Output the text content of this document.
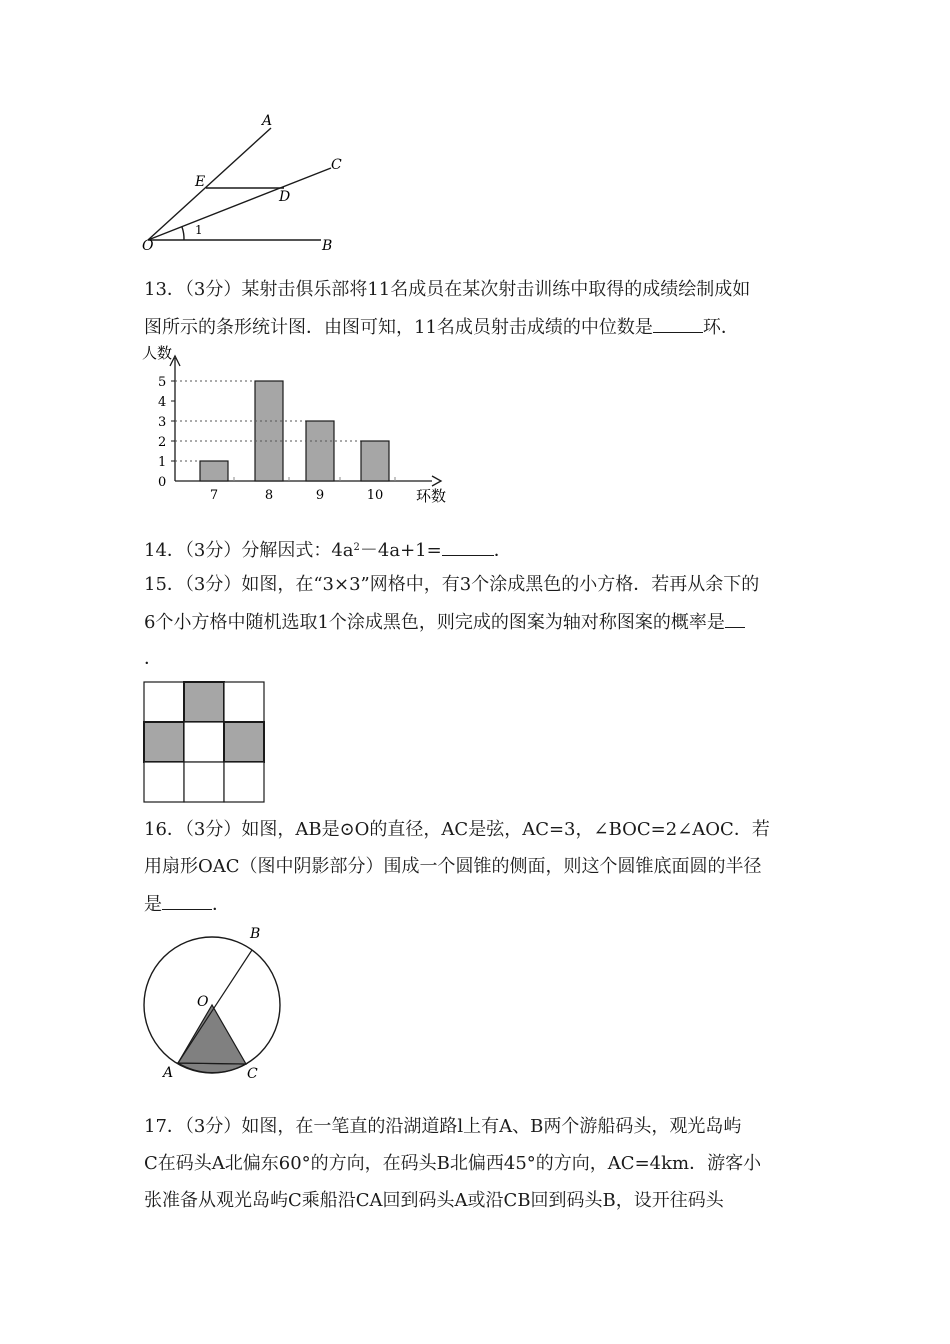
A
C
E
D
O	B
1
13．（3分）某射击俱乐部将11名成员在某次射击训练中取得的成绩绘制成如
图所示的条形统计图．由图可知，11名成员射击成绩的中位数是	环．
0
1
2
3
4
5
人数
环数
7	8	9	10
14．（3分）分解因式：$4a^2-4a+1=$	．
15．（3分）如图，在“3×3”网格中，有3个涂成黑色的小方格．若再从余下的
6个小方格中随机选取1个涂成黑色，则完成的图案为轴对称图案的概率是
．
16．（3分）如图，AB是⊙O的直径，AC是弦，AC=3，∠BOC=2∠AOC．若
用扇形OAC（图中阴影部分）围成一个圆锥的侧面，则这个圆锥底面圆的半径
是	．
B
O
A	C
17．（3分）如图，在一笔直的沿湖道路l上有A、B两个游船码头，观光岛屿
C在码头A北偏东60°的方向，在码头B北偏西45°的方向，AC=4km．游客小
张准备从观光岛屿C乘船沿CA回到码头A或沿CB回到码头B，设开往码头
